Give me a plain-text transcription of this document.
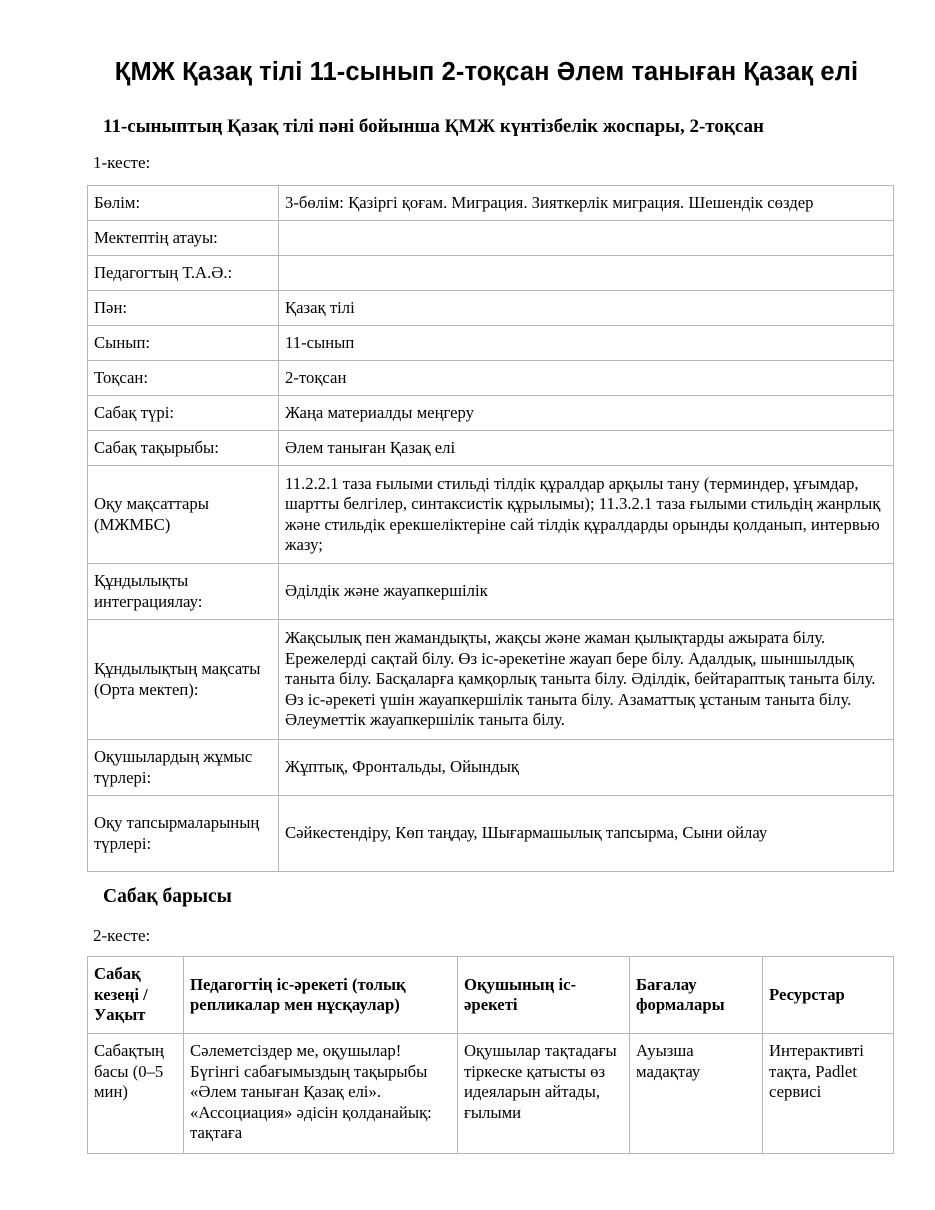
ҚМЖ Қазақ тілі 11-сынып 2-тоқсан Әлем таныған Қазақ елі
11-сыныптың Қазақ тілі пәні бойынша ҚМЖ күнтізбелік жоспары, 2-тоқсан
1-кесте:
Бөлім:	3-бөлім: Қазіргі қоғам. Миграция. Зияткерлік миграция. Шешендік сөздер
Мектептің атауы:	
Педагогтың Т.А.Ә.:	
Пән:	Қазақ тілі
Сынып:	11-сынып
Тоқсан:	2-тоқсан
Сабақ түрі:	Жаңа материалды меңгеру
Сабақ тақырыбы:	Әлем таныған Қазақ елі
Оқу мақсаттары (МЖМБС)	11.2.2.1 таза ғылыми стильді тілдік құралдар арқылы тану (терминдер, ұғымдар, шартты белгілер, синтаксистік құрылымы); 11.3.2.1 таза ғылыми стильдің жанрлық және стильдік ерекшеліктеріне сай тілдік құралдарды орынды қолданып, интервью жазу;
Құндылықты интеграциялау:	Әділдік және жауапкершілік
Құндылықтың мақсаты (Орта мектеп):	Жақсылық пен жамандықты, жақсы және жаман қылықтарды ажырата білу. Ережелерді сақтай білу. Өз іс-әрекетіне жауап бере білу. Адалдық, шыншылдық таныта білу. Басқаларға қамқорлық таныта білу. Әділдік, бейтараптық таныта білу. Өз іс-әрекеті үшін жауапкершілік таныта білу. Азаматтық ұстаным таныта білу. Әлеуметтік жауапкершілік таныта білу.
Оқушылардың жұмыс түрлері:	Жұптық, Фронтальды, Ойындық
Оқу тапсырмаларының түрлері:	Сәйкестендіру, Көп таңдау, Шығармашылық тапсырма, Сыни ойлау
Сабақ барысы
2-кесте:
Сабақ кезеңі / Уақыт	Педагогтің іс-әрекеті (толық репликалар мен нұсқаулар)	Оқушының іс-әрекеті	Бағалау формалары	Ресурстар
Сабақтың басы (0–5 мин)	Сәлеметсіздер ме, оқушылар! Бүгінгі сабағымыздың тақырыбы «Әлем таныған Қазақ елі». «Ассоциация» әдісін қолданайық: тақтаға	Оқушылар тақтадағы тіркеске қатысты өз идеяларын айтады, ғылыми	Ауызша мадақтау	Интерактивті тақта, Padlet сервисі
